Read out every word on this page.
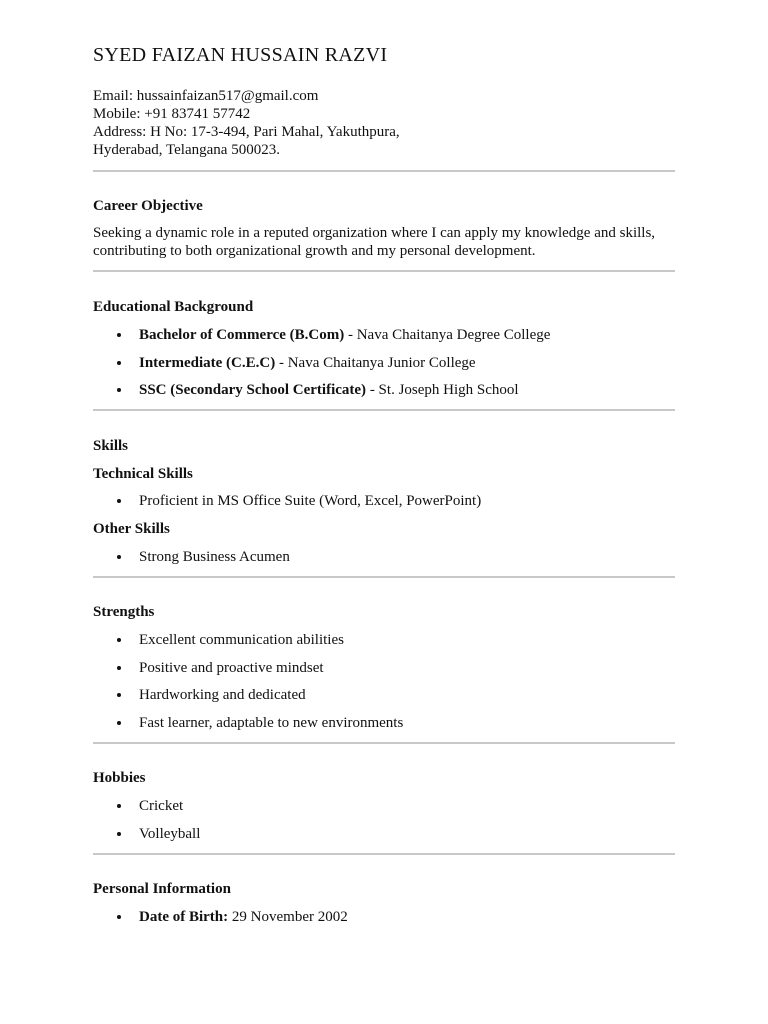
SYED FAIZAN HUSSAIN RAZVI
Email: hussainfaizan517@gmail.com
Mobile: +91 83741 57742
Address: H No: 17-3-494, Pari Mahal, Yakuthpura,
Hyderabad, Telangana 500023.
Career Objective
Seeking a dynamic role in a reputed organization where I can apply my knowledge and skills,
contributing to both organizational growth and my personal development.
Educational Background
Bachelor of Commerce (B.Com) - Nava Chaitanya Degree College
Intermediate (C.E.C) - Nava Chaitanya Junior College
SSC (Secondary School Certificate) - St. Joseph High School
Skills
Technical Skills
Proficient in MS Office Suite (Word, Excel, PowerPoint)
Other Skills
Strong Business Acumen
Strengths
Excellent communication abilities
Positive and proactive mindset
Hardworking and dedicated
Fast learner, adaptable to new environments
Hobbies
Cricket
Volleyball
Personal Information
Date of Birth: 29 November 2002
